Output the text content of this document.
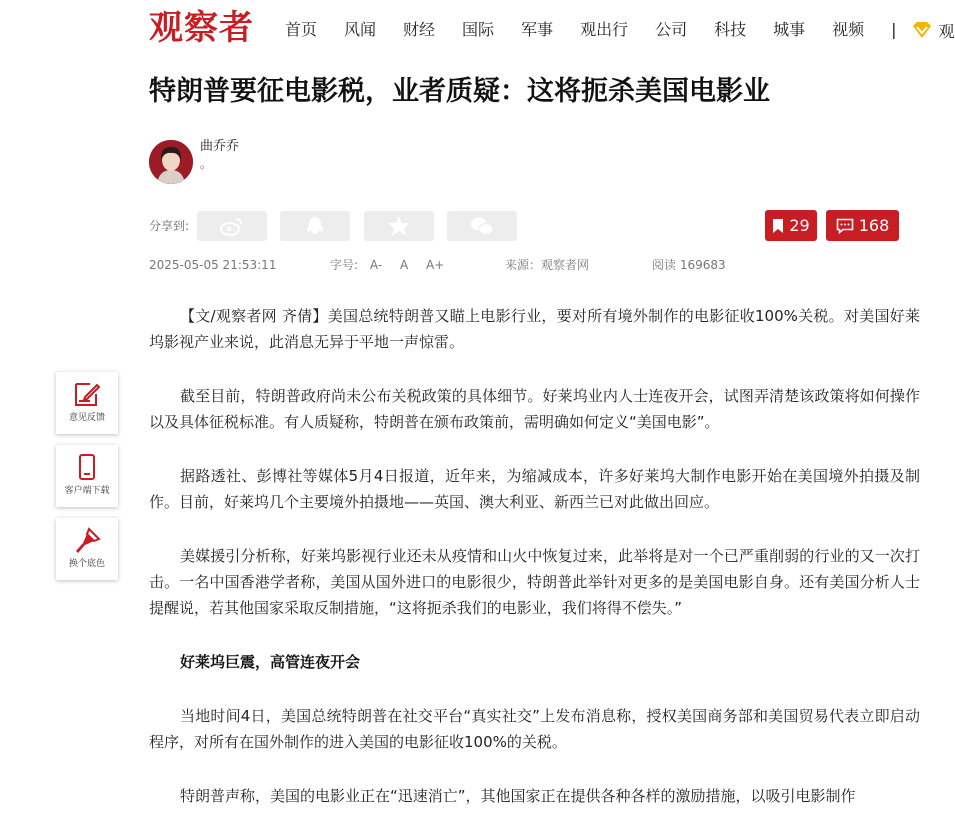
观察者 首页 风闻 财经 国际 军事 观出行 公司 科技 城事 视频 |	观
特朗普要征电影税，业者质疑：这将扼杀美国电影业
曲乔乔
。
分享到:	29	168
2025-05-05 21:53:11	字号: A- A A+	来源：观察者网	阅读 169683

【文/观察者网 齐倩】美国总统特朗普又瞄上电影行业，要对所有境外制作的电影征收100%关税。对美国好莱坞影视产业来说，此消息无异于平地一声惊雷。

截至目前，特朗普政府尚未公布关税政策的具体细节。好莱坞业内人士连夜开会，试图弄清楚该政策将如何操作以及具体征税标准。有人质疑称，特朗普在颁布政策前，需明确如何定义“美国电影”。

据路透社、彭博社等媒体5月4日报道，近年来，为缩减成本，许多好莱坞大制作电影开始在美国境外拍摄及制作。目前，好莱坞几个主要境外拍摄地——英国、澳大利亚、新西兰已对此做出回应。

美媒援引分析称，好莱坞影视行业还未从疫情和山火中恢复过来，此举将是对一个已严重削弱的行业的又一次打击。一名中国香港学者称，美国从国外进口的电影很少，特朗普此举针对更多的是美国电影自身。还有美国分析人士提醒说，若其他国家采取反制措施，“这将扼杀我们的电影业，我们将得不偿失。”

好莱坞巨震，高管连夜开会

当地时间4日，美国总统特朗普在社交平台“真实社交”上发布消息称，授权美国商务部和美国贸易代表立即启动程序，对所有在国外制作的进入美国的电影征收100%的关税。

特朗普声称，美国的电影业正在“迅速消亡”，其他国家正在提供各种各样的激励措施，以吸引电影制作

意见反馈
客户端下载
换个底色
